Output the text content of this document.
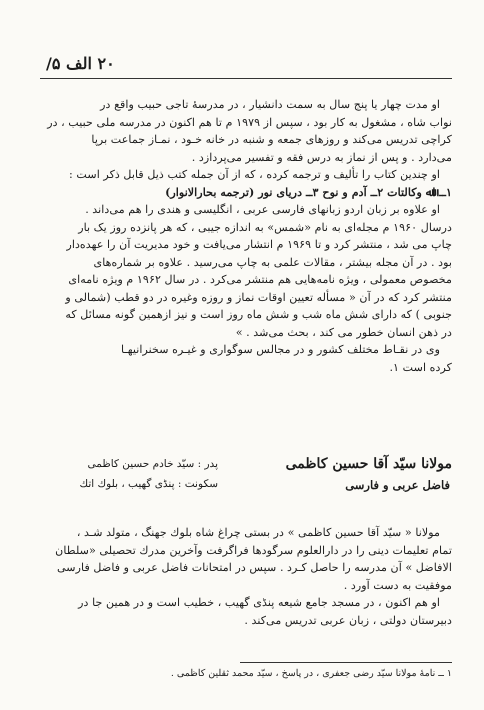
۲۰ الف ۵/

او مدت چهار یا پنج سال به سمت دانشیار ، در مدرسهٔ تاجی حبیب واقع در

نواب شاه ، مشغول به کار بود ، سپس از ۱۹۷۹ م تا هم اکنون در مدرسه ملی حبیب ، در

کراچی تدریس می‌کند و روزهای جمعه و شنبه در خانه خـود ، نمـاز جماعت برپا

می‌دارد . و پس از نماز به درس فقه و تفسیر می‌پردازد .

او چندین کتاب را تألیف و ترجمه کرده ، که از آن جمله کتب ذیل قابل ذکر است :

۱ــ اﷲ وکالتات ۲ــ آدم و نوح ۳ــ دریای نور (ترجمه بحارالانوار)

او علاوه بر زبان اردو زبانهای فارسی عربی ، انگلیسی و هندی را هم می‌داند .

درسال ۱۹۶۰ م مجله‌ای به نام «شمس» به اندازه جیبی ، که هر پانزده روز یک بار

چاپ می شد ، منتشر کرد و تا ۱۹۶۹ م انتشار می‌یافت و خود مدیریت آن را عهده‌دار

بود . در آن مجله بیشتر ، مقالات علمی به چاپ می‌رسید . علاوه بر شماره‌های

مخصوص معمولی ، ویژه نامه‌هایی هم منتشر می‌کرد . در سال ۱۹۶۲ م ویژه نامه‌ای

منتشر کرد که در آن « مسأله تعیین اوقات نماز و روزه وغیره در دو قطب (شمالی و

جنوبی ) که دارای شش ماه شب و شش ماه روز است و نیز ازهمین گونه مسائل که

در ذهن انسان خطور می کند ، بحث می‌شد . »

وی در نقـاط مختلف کشور و در مجالس سوگواری و غیـره سخنرانیهـا

کرده است ۱.

مولانا سیّد آقا حسین کاظمی
فاضل عربی و فارسی
پدر : سیّد خادم حسین کاظمی
سکونت : پنڈی گهیب ، بلوك اتك

مولانا « سیّد آقا حسین کاظمی » در بستی چراغ شاه بلوك جهنگ ، متولد شـد ،

تمام تعلیمات دینی را در دارالعلوم سرگودها فراگرفت وآخرین مدرك تحصیلی «سلطان

الافاضل » آن مدرسه را حاصل کـرد . سپس در امتحانات فاضل عربی و فاضل فارسی

موفقیت به دست آورد .

او هم اکنون ، در مسجد جامع شیعه پنڈی گهیب ، خطیب است و در همین جا در

دبیرستان دولتی ، زبان عربی تدریس می‌کند .

۱ ــ نامهٔ مولانا سیّد رضی جعفری ، در پاسخ ، سیّد محمد ثقلین کاظمی .
